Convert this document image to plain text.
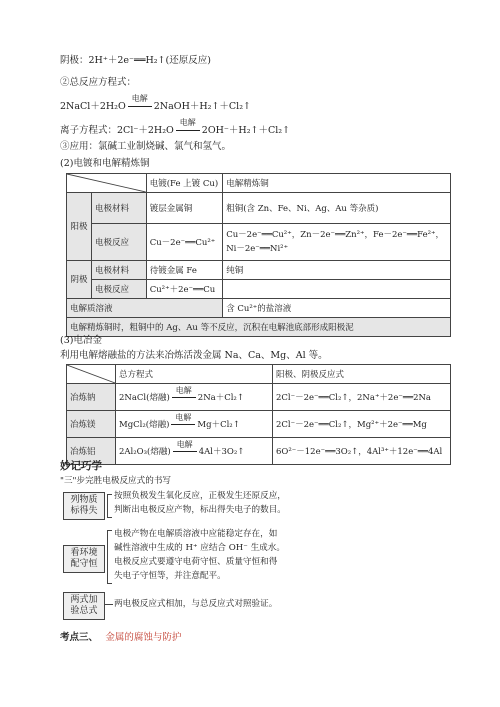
阴极：2H⁺＋2e⁻══H₂↑(还原反应)
②总反应方程式：
2NaCl＋2H₂O
电解
2NaOH＋H₂↑＋Cl₂↑
离子方程式：2Cl⁻＋2H₂O
电解
2OH⁻＋H₂↑＋Cl₂↑
③应用：氯碱工业制烧碱、氯气和氢气。
(2)电镀和电解精炼铜
	电镀(Fe 上镀 Cu)	电解精炼铜
阳极	电极材料	镀层金属铜	粗铜(含 Zn、Fe、Ni、Ag、Au 等杂质)
	电极反应	Cu－2e⁻══Cu²⁺	Cu－2e⁻══Cu²⁺，Zn－2e⁻══Zn²⁺，Fe－2e⁻══Fe²⁺，
Ni－2e⁻══Ni²⁺

阴极	电极材料	待镀金属 Fe	纯铜
	电极反应	Cu²⁺＋2e⁻══Cu	
电解质溶液			含 Cu²⁺的盐溶液
电解精炼铜时，粗铜中的 Ag、Au 等不反应，沉积在电解池底部形成阳极泥			
(3)电冶金
利用电解熔融盐的方法来冶炼活泼金属 Na、Ca、Mg、Al 等。
	总方程式	阳极、阴极反应式
冶炼钠	2NaCl(熔融)
电解
2Na＋Cl₂↑	2Cl⁻－2e⁻══Cl₂↑，2Na⁺＋2e⁻══2Na
冶炼镁	MgCl₂(熔融)
电解
Mg＋Cl₂↑	2Cl⁻－2e⁻══Cl₂↑，Mg²⁺＋2e⁻══Mg
冶炼铝	2Al₂O₃(熔融)
电解
4Al＋3O₂↑	6O²⁻－12e⁻══3O₂↑，4Al³⁺＋12e⁻══4Al
妙记巧学
"三"步完胜电极反应式的书写
列物质
标得失
按照负极发生氧化反应，正极发生还原反应，
判断出电极反应产物，标出得失电子的数目。
看环境
配守恒
电极产物在电解质溶液中应能稳定存在，如
碱性溶液中生成的 H⁺ 应结合 OH⁻ 生成水。
电极反应式要遵守电荷守恒、质量守恒和得
失电子守恒等，并注意配平。
两式加
验总式
两电极反应式相加，与总反应式对照验证。
考点三、 金属的腐蚀与防护
